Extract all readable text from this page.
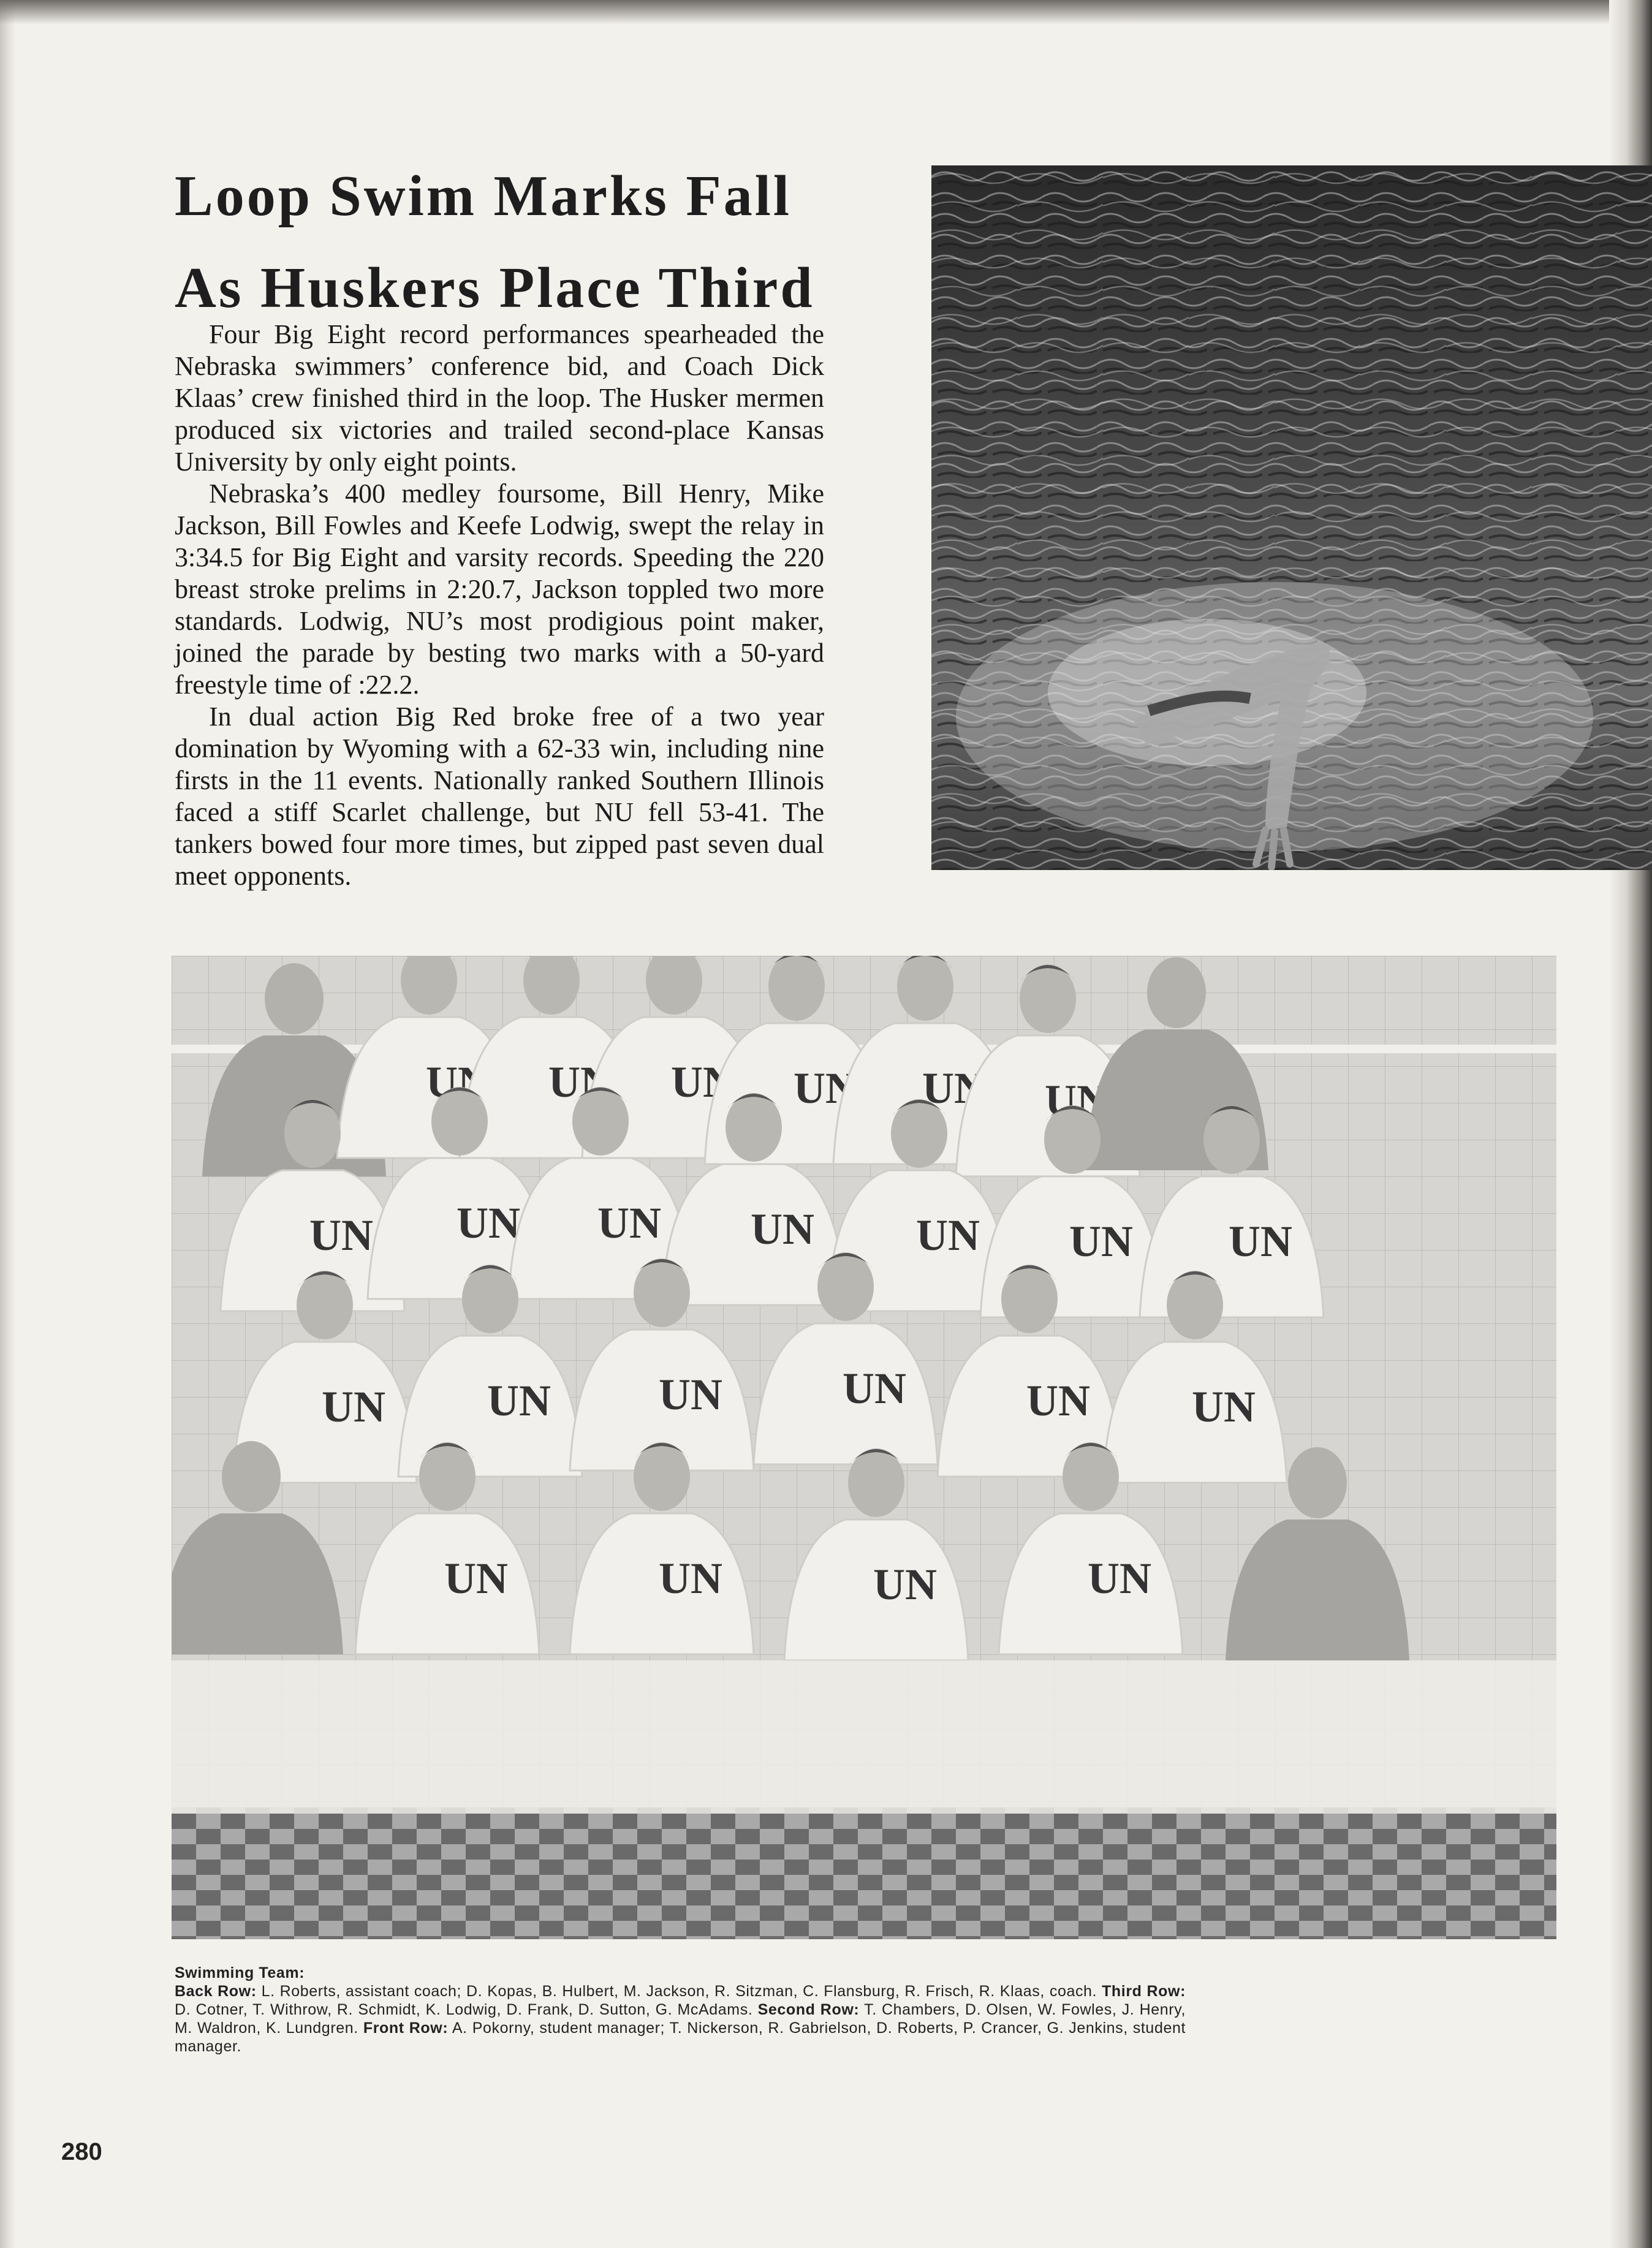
Loop Swim Marks Fall
As Huskers Place Third

Four Big Eight record performances spearheaded the Nebraska swimmers’ conference bid, and Coach Dick Klaas’ crew finished third in the loop. The Husker mermen produced six victories and trailed second-place Kansas University by only eight points.

Nebraska’s 400 medley foursome, Bill Henry, Mike Jackson, Bill Fowles and Keefe Lodwig, swept the relay in 3:34.5 for Big Eight and varsity records. Speeding the 220 breast stroke prelims in 2:20.7, Jackson toppled two more standards. Lodwig, NU’s most prodigious point maker, joined the parade by besting two marks with a 50-yard freestyle time of :22.2.

In dual action Big Red broke free of a two year domination by Wyoming with a 62-33 win, including nine firsts in the 11 events. Nationally ranked Southern Illinois faced a stiff Scarlet challenge, but NU fell 53-41. The tankers bowed four more times, but zipped past seven dual meet opponents.

Swimming Team:
Back Row: L. Roberts, assistant coach; D. Kopas, B. Hulbert, M. Jackson, R. Sitzman, C. Flansburg, R. Frisch, R. Klaas, coach. Third Row: D. Cotner, T. Withrow, R. Schmidt, K. Lodwig, D. Frank, D. Sutton, G. McAdams. Second Row: T. Chambers, D. Olsen, W. Fowles, J. Henry, M. Waldron, K. Lundgren. Front Row: A. Pokorny, student manager; T. Nickerson, R. Gabrielson, D. Roberts, P. Crancer, G. Jenkins, student manager.
280
